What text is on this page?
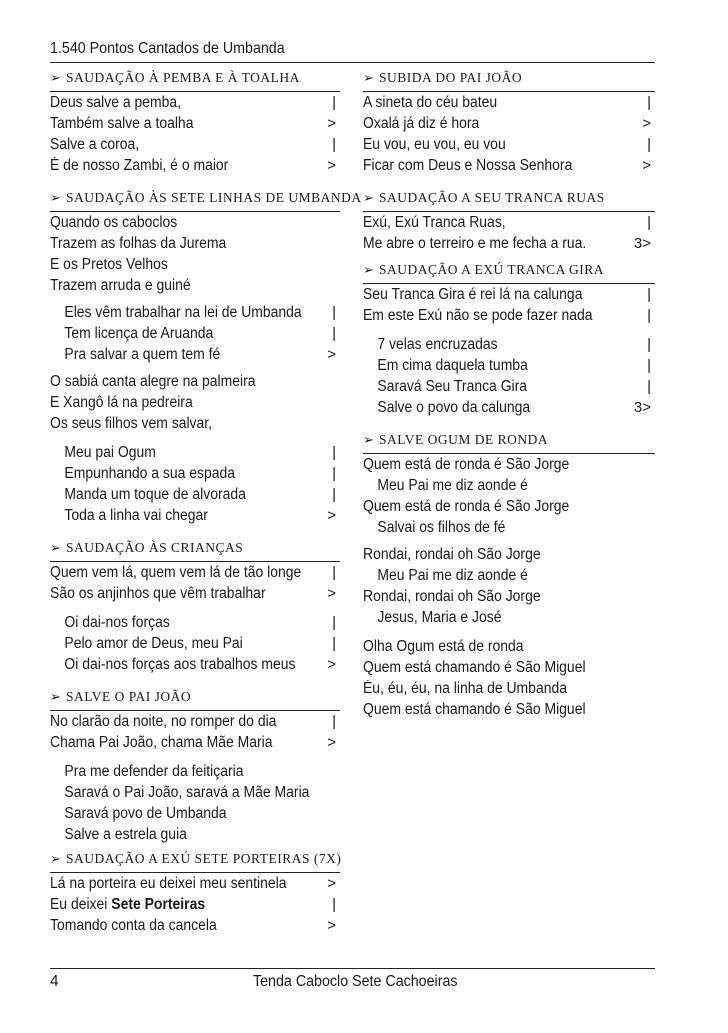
1.540 Pontos Cantados de Umbanda
➢ SAUDAÇÃO À PEMBA E À TOALHA
Deus salve a pemba,	|
Também salve a toalha	>
Salve a coroa,	|
É de nosso Zambi, é o maior	>
➢ SAUDAÇÃO ÀS SETE LINHAS DE UMBANDA
Quando os caboclos
Trazem as folhas da Jurema
E os Pretos Velhos
Trazem arruda e guiné
Eles vêm trabalhar na lei de Umbanda |
Tem licença de Aruanda	|
Pra salvar a quem tem fé	>
O sabiá canta alegre na palmeira
E Xangô lá na pedreira
Os seus filhos vem salvar,
Meu pai Ogum	|
Empunhando a sua espada	|
Manda um toque de alvorada	|
Toda a linha vai chegar	>
➢ SAUDAÇÃO ÀS CRIANÇAS
Quem vem lá, quem vem lá de tão longe |
São os anjinhos que vêm trabalhar	>
Oi dai-nos forças	|
Pelo amor de Deus, meu Pai	|
Oi dai-nos forças aos trabalhos meus >
➢ SALVE O PAI JOÃO
No clarão da noite, no romper do dia	|
Chama Pai João, chama Mãe Maria	>
Pra me defender da feitiçaria
Saravá o Pai João, saravá a Mãe Maria
Saravá povo de Umbanda
Salve a estrela guia
➢ SAUDAÇÃO A EXÚ SETE PORTEIRAS (7X)
Lá na porteira eu deixei meu sentinela	>
Eu deixei Sete Porteiras	|
Tomando conta da cancela	>
➢ SUBIDA DO PAI JOÃO
A sineta do céu bateu	|
Oxalá já diz é hora	>
Eu vou, eu vou, eu vou	|
Ficar com Deus e Nossa Senhora	>
➢ SAUDAÇÃO A SEU TRANCA RUAS
Exú, Exú Tranca Ruas,	|
Me abre o terreiro e me fecha a rua.	3>
➢ SAUDAÇÃO A EXÚ TRANCA GIRA
Seu Tranca Gira é rei lá na calunga	|
Em este Exú não se pode fazer nada	|
7 velas encruzadas	|
Em cima daquela tumba	|
Saravá Seu Tranca Gira	|
Salve o povo da calunga	3>
➢ SALVE OGUM DE RONDA
Quem está de ronda é São Jorge
Meu Pai me diz aonde é
Quem está de ronda é São Jorge
Salvai os filhos de fé
Rondai, rondai oh São Jorge
Meu Pai me diz aonde é
Rondai, rondai oh São Jorge
Jesus, Maria e José
Olha Ogum está de ronda
Quem está chamando é São Miguel
Éu, éu, éu, na linha de Umbanda
Quem está chamando é São Miguel
4	Tenda Caboclo Sete Cachoeiras
